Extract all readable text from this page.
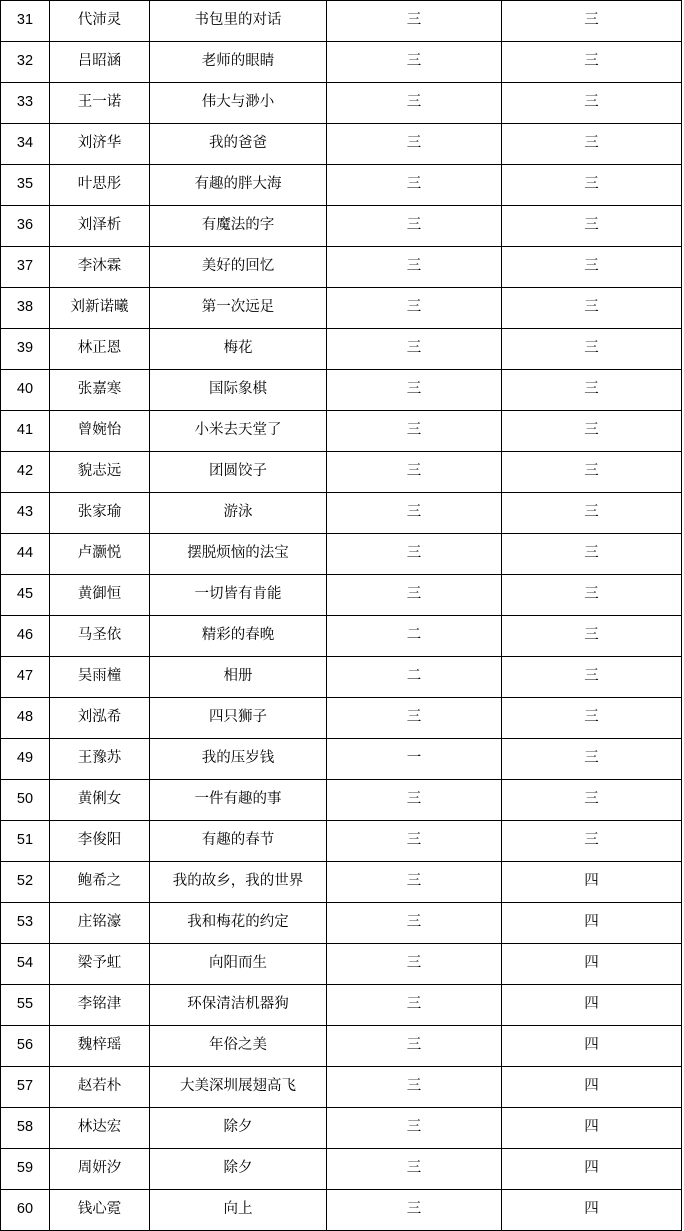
31	代沛灵	书包里的对话	三	三
32	吕昭涵	老师的眼睛	三	三
33	王一诺	伟大与渺小	三	三
34	刘济华	我的爸爸	三	三
35	叶思彤	有趣的胖大海	三	三
36	刘泽析	有魔法的字	三	三
37	李沐霖	美好的回忆	三	三
38	刘新诺曦	第一次远足	三	三
39	林正恩	梅花	三	三
40	张嘉寒	国际象棋	三	三
41	曾婉怡	小米去天堂了	三	三
42	貌志远	团圆饺子	三	三
43	张家瑜	游泳	三	三
44	卢灏悦	摆脱烦恼的法宝	三	三
45	黄御恒	一切皆有肯能	三	三
46	马圣依	精彩的春晚	二	三
47	吴雨橦	相册	二	三
48	刘泓希	四只狮子	三	三
49	王豫苏	我的压岁钱	一	三
50	黄俐女	一件有趣的事	三	三
51	李俊阳	有趣的春节	三	三
52	鲍希之	我的故乡，我的世界	三	四
53	庄铭濠	我和梅花的约定	三	四
54	梁予虹	向阳而生	三	四
55	李铭津	环保清洁机器狗	三	四
56	魏梓瑶	年俗之美	三	四
57	赵若朴	大美深圳展翅高飞	三	四
58	林达宏	除夕	三	四
59	周妍汐	除夕	三	四
60	钱心霓	向上	三	四
